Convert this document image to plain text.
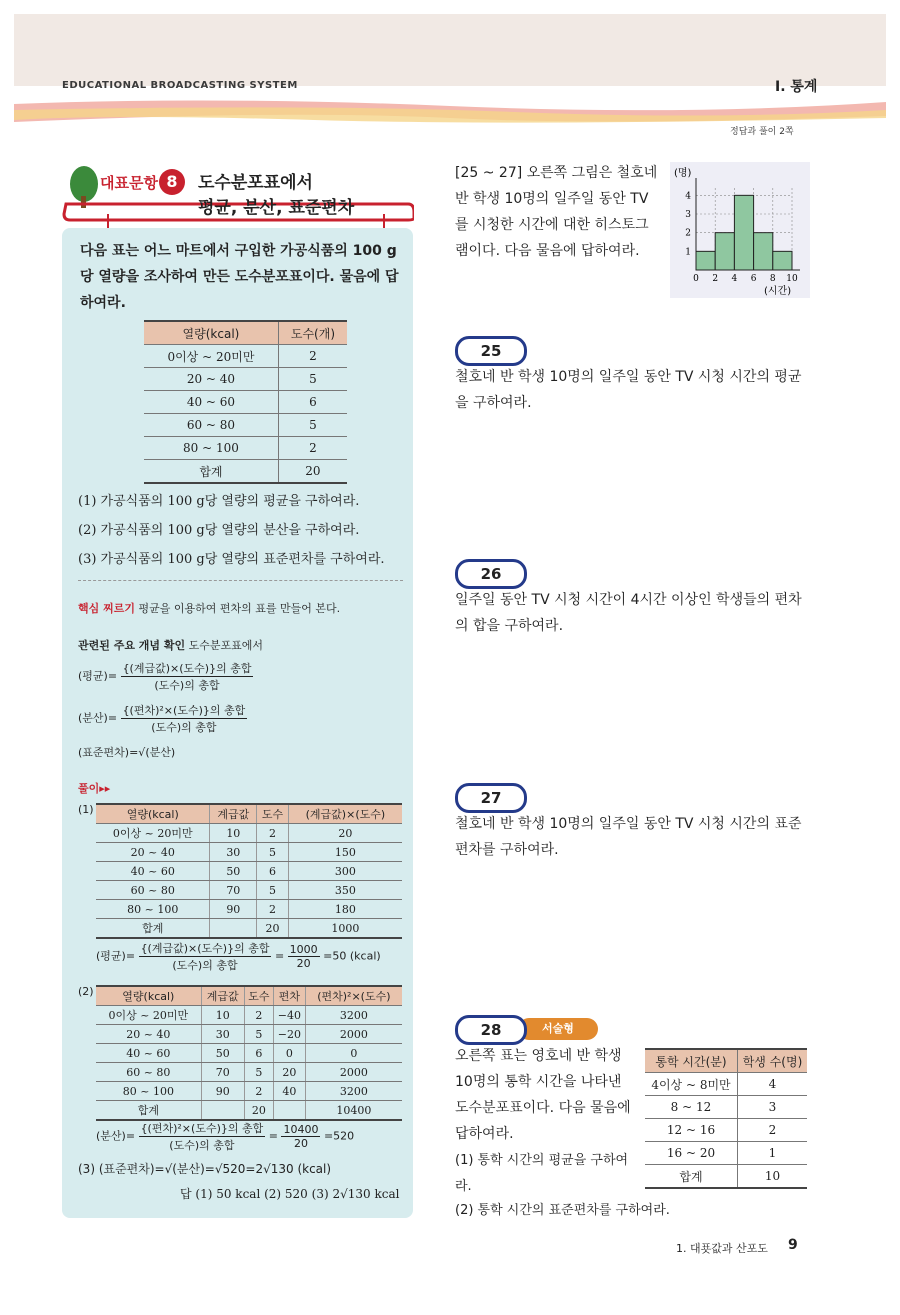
EDUCATIONAL BROADCASTING SYSTEM	Ⅰ. 통계
정답과 풀이 2쪽
대표문항 8	도수분포표에서
평균, 분산, 표준편차
다음 표는 어느 마트에서 구입한 가공식품의 100 g당 열량을 조사하여 만든 도수분포표이다. 물음에 답하여라.
열량(kcal)	도수(개)
0이상 ~ 20미만	2
20 ~ 40	5
40 ~ 60	6
60 ~ 80	5
80 ~ 100	2
합계	20
(1) 가공식품의 100 g당 열량의 평균을 구하여라.
(2) 가공식품의 100 g당 열량의 분산을 구하여라.
(3) 가공식품의 100 g당 열량의 표준편차를 구하여라.
핵심 찌르기 평균을 이용하여 편차의 표를 만들어 본다.
관련된 주요 개념 확인 도수분포표에서
(평균)= $\frac{\text{\{(계급값)×(도수)\}의 총합}}{\text{(도수)의 총합}}$
(분산)= $\frac{\text{\{(편차)²×(도수)\}의 총합}}{\text{(도수)의 총합}}$
(표준편차)=√(분산)
풀이▸▸
(1)	열량(kcal)	계급값	도수	(계급값)×(도수)
0이상 ~ 20미만	10	2	20
20 ~ 40	30	5	150
40 ~ 60	50	6	300
60 ~ 80	70	5	350
80 ~ 100	90	2	180
합계		20	1000
(평균)= $\frac{\text{\{(계급값)×(도수)\}의 총합}}{\text{(도수)의 총합}} = \frac{1000}{20} =50$ (kcal)
(2)	열량(kcal)	계급값	도수	편차	(편차)²×(도수)
0이상 ~ 20미만	10	2	−40	3200
20 ~ 40	30	5	−20	2000
40 ~ 60	50	6	0	0
60 ~ 80	70	5	20	2000
80 ~ 100	90	2	40	3200
합계		20		10400
(분산)= $\frac{\text{\{(편차)²×(도수)\}의 총합}}{\text{(도수)의 총합}} = \frac{10400}{20} =520$
(3) (표준편차)=√(분산)=√520=2√130 (kcal)
답 (1) 50 kcal (2) 520 (3) 2√130 kcal
[25 ~ 27] 오른쪽 그림은 철호네 반 학생 10명의 일주일 동안 TV를 시청한 시간에 대한 히스토그램이다. 다음 물음에 답하여라.
0 2 4 6 8 10
1
2
3
4
(명)
(시간)
25
철호네 반 학생 10명의 일주일 동안 TV 시청 시간의 평균을 구하여라.
26
일주일 동안 TV 시청 시간이 4시간 이상인 학생들의 편차의 합을 구하여라.
27
철호네 반 학생 10명의 일주일 동안 TV 시청 시간의 표준편차를 구하여라.
서술형
28
오른쪽 표는 영호네 반 학생 10명의 통학 시간을 나타낸 도수분포표이다. 다음 물음에 답하여라.
(1) 통학 시간의 평균을 구하여라.
(2) 통학 시간의 표준편차를 구하여라.
통학 시간(분)	학생 수(명)
4이상 ~ 8미만	4
8 ~ 12	3
12 ~ 16	2
16 ~ 20	1
합계	10
1. 대푯값과 산포도 9
